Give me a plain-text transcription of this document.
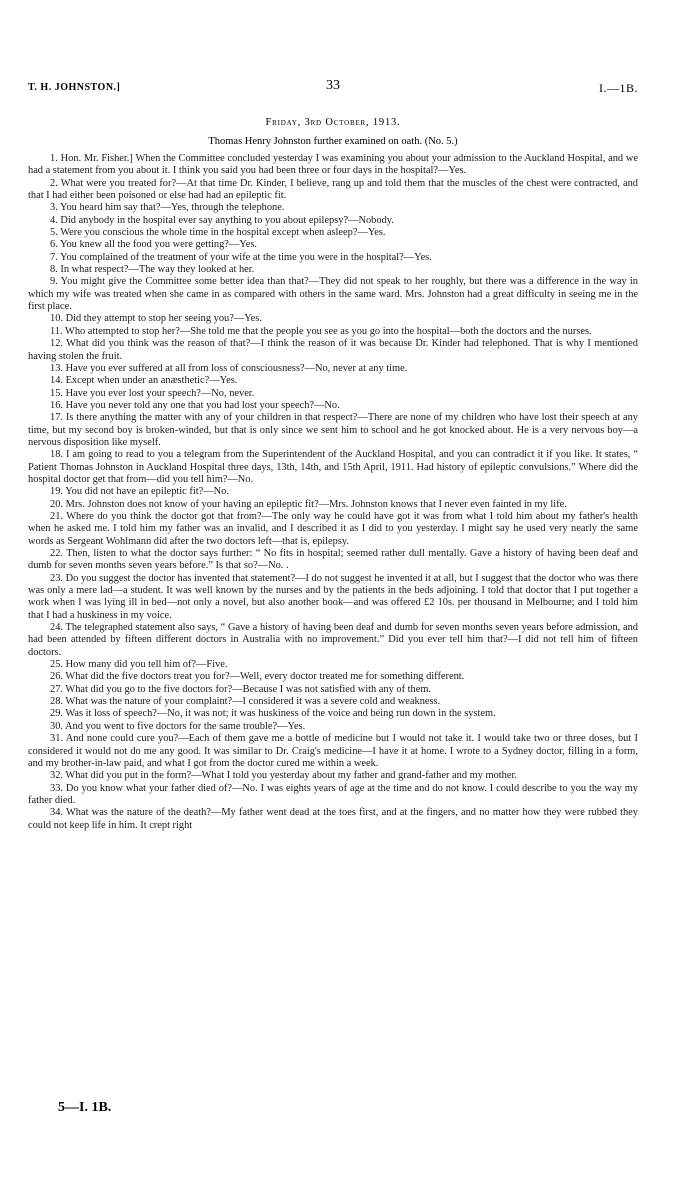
T. H. JOHNSTON.]	33	I.—1B.
Friday, 3rd October, 1913.
Thomas Henry Johnston further examined on oath. (No. 5.)

1. Hon. Mr. Fisher.] When the Committee concluded yesterday I was examining you about your admission to the Auckland Hospital, and we had a statement from you about it. I think you said you had been three or four days in the hospital?—Yes.

2. What were you treated for?—At that time Dr. Kinder, I believe, rang up and told them that the muscles of the chest were contracted, and that I had either been poisoned or else had had an epileptic fit.

3. You heard him say that?—Yes, through the telephone.

4. Did anybody in the hospital ever say anything to you about epilepsy?—Nobody.

5. Were you conscious the whole time in the hospital except when asleep?—Yes.

6. You knew all the food you were getting?—Yes.

7. You complained of the treatment of your wife at the time you were in the hospital?—Yes.

8. In what respect?—The way they looked at her.

9. You might give the Committee some better idea than that?—They did not speak to her roughly, but there was a difference in the way in which my wife was treated when she came in as compared with others in the same ward. Mrs. Johnston had a great difficulty in seeing me in the first place.

10. Did they attempt to stop her seeing you?—Yes.

11. Who attempted to stop her?—She told me that the people you see as you go into the hospital—both the doctors and the nurses.

12. What did you think was the reason of that?—I think the reason of it was because Dr. Kinder had telephoned. That is why I mentioned having stolen the fruit.

13. Have you ever suffered at all from loss of consciousness?—No, never at any time.

14. Except when under an anæsthetic?—Yes.

15. Have you ever lost your speech?—No, never.

16. Have you never told any one that you had lost your speech?—No.

17. Is there anything the matter with any of your children in that respect?—There are none of my children who have lost their speech at any time, but my second boy is broken-winded, but that is only since we sent him to school and he got knocked about. He is a very nervous boy—a nervous disposition like myself.

18. I am going to read to you a telegram from the Superintendent of the Auckland Hospital, and you can contradict it if you like. It states, “ Patient Thomas Johnston in Auckland Hospital three days, 13th, 14th, and 15th April, 1911. Had history of epileptic convulsions.” Where did the hospital doctor get that from—did you tell him?—No.

19. You did not have an epileptic fit?—No.

20. Mrs. Johnston does not know of your having an epileptic fit?—Mrs. Johnston knows that I never even fainted in my life.

21. Where do you think the doctor got that from?—The only way he could have got it was from what I told him about my father's health when he asked me. I told him my father was an invalid, and I described it as I did to you yesterday. I might say he used very nearly the same words as Sergeant Wohlmann did after the two doctors left—that is, epilepsy.

22. Then, listen to what the doctor says further: “ No fits in hospital; seemed rather dull mentally. Gave a history of having been deaf and dumb for seven months seven years before.” Is that so?—No. .

23. Do you suggest the doctor has invented that statement?—I do not suggest he invented it at all, but I suggest that the doctor who was there was only a mere lad—a student. It was well known by the nurses and by the patients in the beds adjoining. I told that doctor that I put together a work when I was lying ill in bed—not only a novel, but also another book—and was offered £2 10s. per thousand in Melbourne; and I told him that I had a huskiness in my voice.

24. The telegraphed statement also says, “ Gave a history of having been deaf and dumb for seven months seven years before admission, and had been attended by fifteen different doctors in Australia with no improvement.” Did you ever tell him that?—I did not tell him of fifteen doctors.

25. How many did you tell him of?—Five.

26. What did the five doctors treat you for?—Well, every doctor treated me for something different.

27. What did you go to the five doctors for?—Because I was not satisfied with any of them.

28. What was the nature of your complaint?—I considered it was a severe cold and weakness.

29. Was it loss of speech?—No, it was not; it was huskiness of the voice and being run down in the system.

30. And you went to five doctors for the same trouble?—Yes.

31. And none could cure you?—Each of them gave me a bottle of medicine but I would not take it. I would take two or three doses, but I considered it would not do me any good. It was similar to Dr. Craig's medicine—I have it at home. I wrote to a Sydney doctor, filling in a form, and my brother-in-law paid, and what I got from the doctor cured me within a week.

32. What did you put in the form?—What I told you yesterday about my father and grand-father and my mother.

33. Do you know what your father died of?—No. I was eights years of age at the time and do not know. I could describe to you the way my father died.

34. What was the nature of the death?—My father went dead at the toes first, and at the fingers, and no matter how they were rubbed they could not keep life in him. It crept right

5—I. 1B.
